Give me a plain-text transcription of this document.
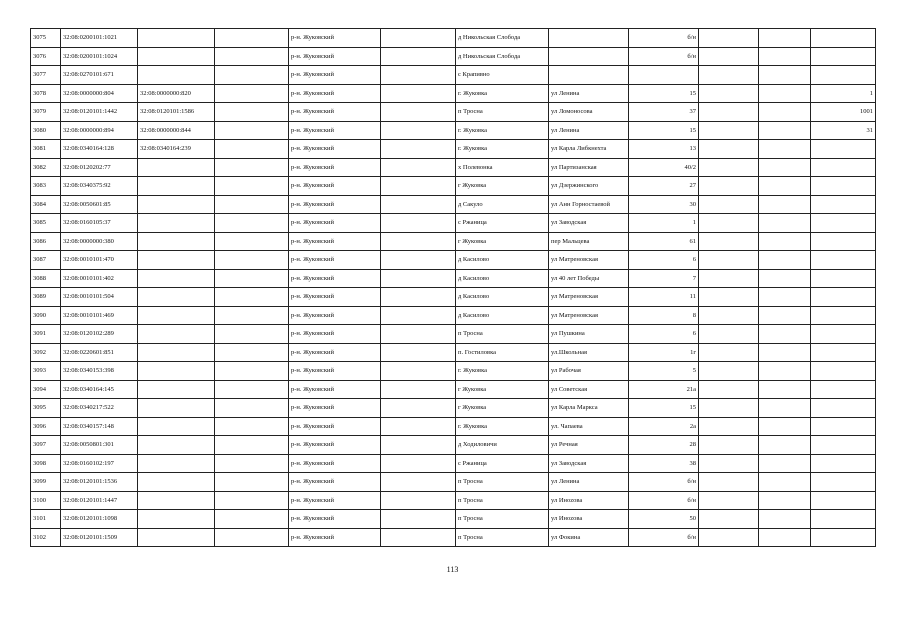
3075	32:08:0200101:1021			р-н. Жуковский		д Никольская Слобода		б/н			
3076	32:08:0200101:1024			р-н. Жуковский		д Никольская Слобода		б/н			
3077	32:08:0270101:671			р-н. Жуковский		с Крапивно					
3078	32:08:0000000:804	32:08:0000000:820		р-н. Жуковский		г. Жуковка	ул Ленина	15			1
3079	32:08:0120101:1442	32:08:0120101:1586		р-н. Жуковский		п Тросна	ул Ломоносова	37			1001
3080	32:08:0000000:894	32:08:0000000:844		р-н. Жуковский		г. Жуковка	ул Ленина	15			31
3081	32:08:0340164:128	32:08:0340164:239		р-н. Жуковский		г. Жуковка	ул Карла Либкнехта	13			
3082	32:08:0120202:77			р-н. Жуковский		х Полевонка	ул Партизанская	40/2			
3083	32:08:0340375:92			р-н. Жуковский		г Жуковка	ул Дзержинского	27			
3084	32:08:0050601:85			р-н. Жуковский		д Сакуло	ул Анн Горностаевой	30			
3085	32:08:0160105:37			р-н. Жуковский		с Ржаница	ул Заводская	1			
3086	32:08:0000000:380			р-н. Жуковский		г Жуковка	пер Мальцева	61			
3087	32:08:0010101:470			р-н. Жуковский		д Касилово	ул Матреновская	6			
3088	32:08:0010101:402			р-н. Жуковский		д Касилово	ул 40 лет Победы	7			
3089	32:08:0010101:504			р-н. Жуковский		д Касилово	ул Матреновская	11			
3090	32:08:0010101:469			р-н. Жуковский		д Касилово	ул Матреновская	8			
3091	32:08:0120102:289			р-н. Жуковский		п Тросна	ул Пушкина	6			
3092	32:08:0220601:851			р-н. Жуковский		п. Гостиловка	ул.Школьная	1г			
3093	32:08:0340153:398			р-н. Жуковский		г. Жуковка	ул Рабочая	5			
3094	32:08:0340164:145			р-н. Жуковский		г Жуковка	ул Советская	21а			
3095	32:08:0340217:522			р-н. Жуковский		г Жуковка	ул Карла Маркса	15			
3096	32:08:0340157:148			р-н. Жуковский		г. Жуковка	ул. Чапаева	2а			
3097	32:08:0050801:301			р-н. Жуковский		д Ходиловичи	ул Речная	28			
3098	32:08:0160102:197			р-н. Жуковский		с Ржаница	ул Заводская	38			
3099	32:08:0120101:1536			р-н. Жуковский		п Тросна	ул Ленина	б/н			
3100	32:08:0120101:1447			р-н. Жуковский		п Тросна	ул Иноzова	б/н			
3101	32:08:0120101:1098			р-н. Жуковский		п Тросна	ул Иноzова	50			
3102	32:08:0120101:1509			р-н. Жуковский		п Тросна	ул Фокина	б/н			
113
